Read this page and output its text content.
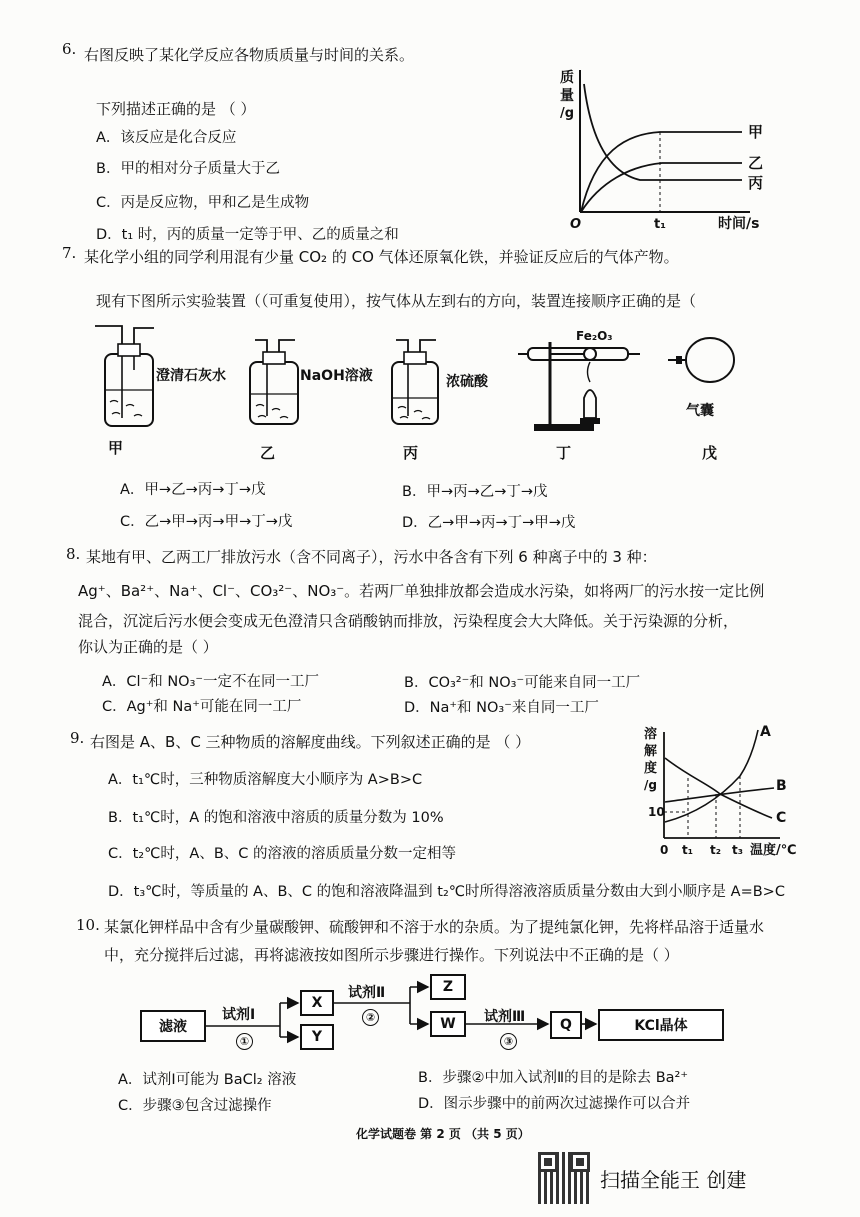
6. 右图反映了某化学反应各物质质量与时间的关系。
下列描述正确的是 （ ）
A．该反应是化合反应
B．甲的相对分子质量大于乙
C．丙是反应物，甲和乙是生成物
D．t₁ 时，丙的质量一定等于甲、乙的质量之和
质
量
/g
甲
乙
丙
O	t₁	时间/s
7. 某化学小组的同学利用混有少量 CO₂ 的 CO 气体还原氧化铁，并验证反应后的气体产物。
现有下图所示实验装置（（可重复使用），按气体从左到右的方向，装置连接顺序正确的是（
澄清石灰水
甲
NaOH溶液
乙
浓硫酸
丙
Fe₂O₃
丁
气囊
戊
A．甲→乙→丙→丁→戊	B．甲→丙→乙→丁→戊
C．乙→甲→丙→甲→丁→戊	D．乙→甲→丙→丁→甲→戊
8. 某地有甲、乙两工厂排放污水（含不同离子），污水中各含有下列 6 种离子中的 3 种：
Ag⁺、Ba²⁺、Na⁺、Cl⁻、CO₃²⁻、NO₃⁻。若两厂单独排放都会造成水污染，如将两厂的污水按一定比例
混合，沉淀后污水便会变成无色澄清只含硝酸钠而排放，污染程度会大大降低。关于污染源的分析，
你认为正确的是（ ）
A．Cl⁻和 NO₃⁻一定不在同一工厂	B．CO₃²⁻和 NO₃⁻可能来自同一工厂
C．Ag⁺和 Na⁺可能在同一工厂	D．Na⁺和 NO₃⁻来自同一工厂
9. 右图是 A、B、C 三种物质的溶解度曲线。下列叙述正确的是 （ ）
A．t₁℃时，三种物质溶解度大小顺序为 A>B>C
B．t₁℃时，A 的饱和溶液中溶质的质量分数为 10%
C．t₂℃时，A、B、C 的溶液的溶质质量分数一定相等
D．t₃℃时，等质量的 A、B、C 的饱和溶液降温到 t₂℃时所得溶液溶质质量分数由大到小顺序是 A=B>C
溶
解
度
/g
A
B
C
10
0 t₁ t₂ t₃ 温度/℃
10. 某氯化钾样品中含有少量碳酸钾、硫酸钾和不溶于水的杂质。为了提纯氯化钾，先将样品溶于适量水
中，充分搅拌后过滤，再将滤液按如图所示步骤进行操作。下列说法中不正确的是（ ）
滤液
试剂Ⅰ
①
X
Y
试剂Ⅱ
②
Z
W	试剂Ⅲ
③
Q	KCl晶体
A．试剂Ⅰ可能为 BaCl₂ 溶液	B．步骤②中加入试剂Ⅱ的目的是除去 Ba²⁺
C．步骤③包含过滤操作	D．图示步骤中的前两次过滤操作可以合并
化学试题卷 第 2 页 （共 5 页）
扫描全能王 创建
